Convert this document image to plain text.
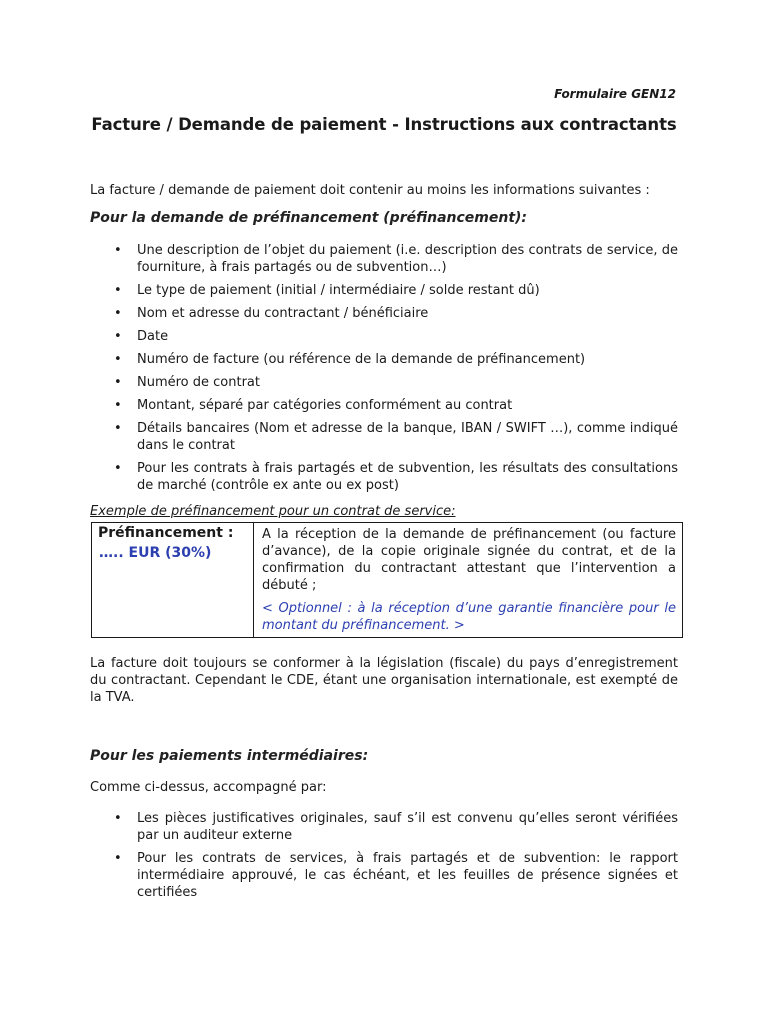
Formulaire GEN12
Facture / Demande de paiement - Instructions aux contractants
La facture / demande de paiement doit contenir au moins les informations suivantes :
Pour la demande de préfinancement (préfinancement):
• Une description de l’objet du paiement (i.e. description des contrats de service, de fourniture, à frais partagés ou de subvention…)
• Le type de paiement (initial / intermédiaire / solde restant dû)
• Nom et adresse du contractant / bénéficiaire
• Date
• Numéro de facture (ou référence de la demande de préfinancement)
• Numéro de contrat
• Montant, séparé par catégories conformément au contrat
• Détails bancaires (Nom et adresse de la banque, IBAN / SWIFT …), comme indiqué dans le contrat
• Pour les contrats à frais partagés et de subvention, les résultats des consultations de marché (contrôle ex ante ou ex post)
Exemple de préfinancement pour un contrat de service:
Préfinancement :
….. EUR (30%)
A la réception de la demande de préfinancement (ou facture d’avance), de la copie originale signée du contrat, et de la confirmation du contractant attestant que l’intervention a débuté ;
< Optionnel : à la réception d’une garantie financière pour le montant du préfinancement. >
La facture doit toujours se conformer à la législation (fiscale) du pays d’enregistrement du contractant. Cependant le CDE, étant une organisation internationale, est exempté de la TVA.
Pour les paiements intermédiaires:
Comme ci-dessus, accompagné par:
• Les pièces justificatives originales, sauf s’il est convenu qu’elles seront vérifiées par un auditeur externe
• Pour les contrats de services, à frais partagés et de subvention: le rapport intermédiaire approuvé, le cas échéant, et les feuilles de présence signées et certifiées
